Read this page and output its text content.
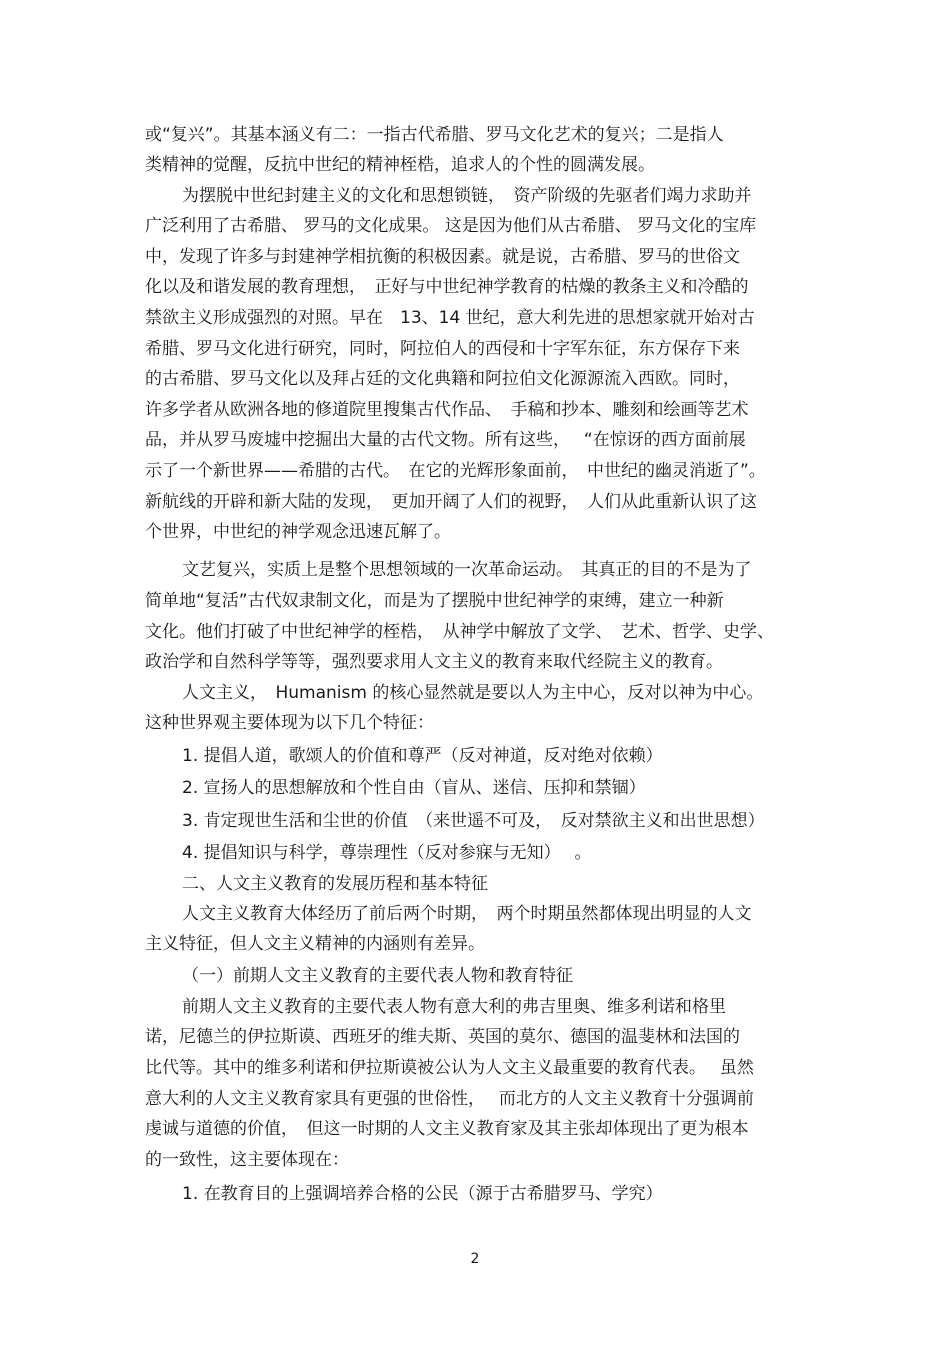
或“复兴”。其基本涵义有二：一指古代希腊、罗马文化艺术的复兴；二是指人
类精神的觉醒，反抗中世纪的精神桎梏，追求人的个性的圆满发展。
为摆脱中世纪封建主义的文化和思想锁链，　资产阶级的先驱者们竭力求助并
广泛利用了古希腊、 罗马的文化成果。 这是因为他们从古希腊、 罗马文化的宝库
中，发现了许多与封建神学相抗衡的积极因素。就是说，古希腊、罗马的世俗文
化以及和谐发展的教育理想，　正好与中世纪神学教育的枯燥的教条主义和冷酷的
禁欲主义形成强烈的对照。早在　13、14 世纪，意大利先进的思想家就开始对古
希腊、罗马文化进行研究，同时，阿拉伯人的西侵和十字军东征，东方保存下来
的古希腊、罗马文化以及拜占廷的文化典籍和阿拉伯文化源源流入西欧。同时，
许多学者从欧洲各地的修道院里搜集古代作品、　手稿和抄本、雕刻和绘画等艺术
品，并从罗马废墟中挖掘出大量的古代文物。所有这些，　 “在惊讶的西方面前展
示了一个新世界——希腊的古代。　在它的光辉形象面前，　中世纪的幽灵消逝了”。
新航线的开辟和新大陆的发现，　更加开阔了人们的视野，　人们从此重新认识了这
个世界，中世纪的神学观念迅速瓦解了。
文艺复兴，实质上是整个思想领域的一次革命运动。　其真正的目的不是为了
简单地“复活”古代奴隶制文化，而是为了摆脱中世纪神学的束缚，建立一种新
文化。他们打破了中世纪神学的桎梏，　从神学中解放了文学、　艺术、哲学、史学、
政治学和自然科学等等，强烈要求用人文主义的教育来取代经院主义的教育。
人文主义，　Humanism 的核心显然就是要以人为主中心，反对以神为中心。
这种世界观主要体现为以下几个特征：
1. 提倡人道，歌颂人的价值和尊严（反对神道，反对绝对依赖）
2. 宣扬人的思想解放和个性自由（盲从、迷信、压抑和禁锢）
3. 肯定现世生活和尘世的价值　（来世遥不可及，　反对禁欲主义和出世思想）
4. 提倡知识与科学，尊崇理性（反对参寐与无知）　 。
二、人文主义教育的发展历程和基本特征
人文主义教育大体经历了前后两个时期，　两个时期虽然都体现出明显的人文
主义特征，但人文主义精神的内涵则有差异。
（一）前期人文主义教育的主要代表人物和教育特征
前期人文主义教育的主要代表人物有意大利的弗吉里奥、维多利诺和格里
诺，尼德兰的伊拉斯谟、西班牙的维夫斯、英国的莫尔、德国的温斐林和法国的
比代等。其中的维多利诺和伊拉斯谟被公认为人文主义最重要的教育代表。　 虽然
意大利的人文主义教育家具有更强的世俗性，　 而北方的人文主义教育十分强调前
虔诚与道德的价值，　但这一时期的人文主义教育家及其主张却体现出了更为根本
的一致性，这主要体现在：
1. 在教育目的上强调培养合格的公民（源于古希腊罗马、学究）
2
